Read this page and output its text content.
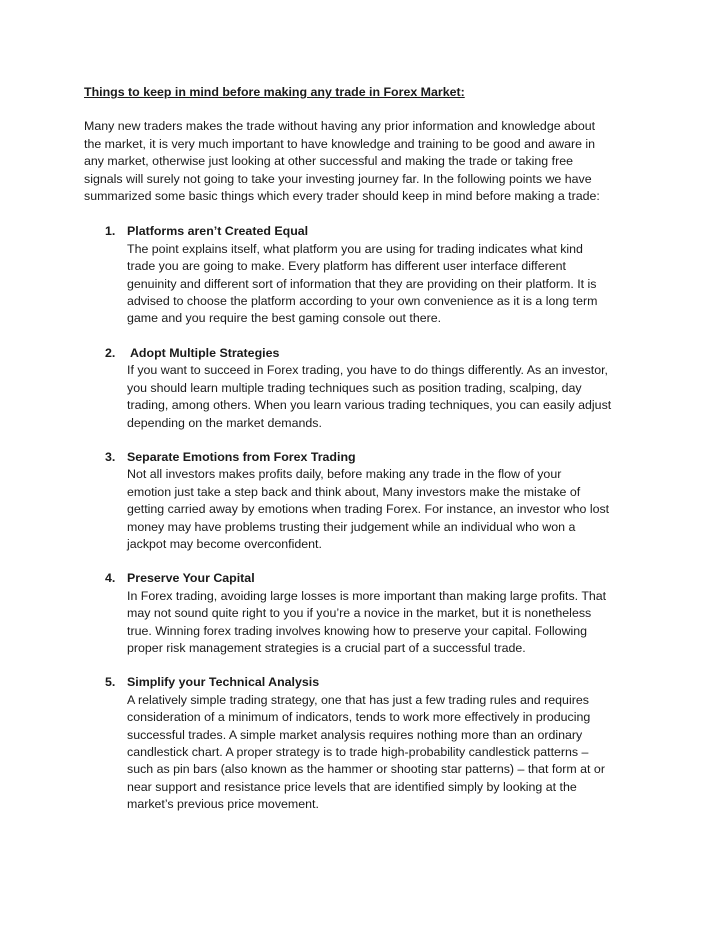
Things to keep in mind before making any trade in Forex Market:

Many new traders makes the trade without having any prior information and knowledge about
the market, it is very much important to have knowledge and training to be good and aware in
any market, otherwise just looking at other successful and making the trade or taking free
signals will surely not going to take your investing journey far. In the following points we have
summarized some basic things which every trader should keep in mind before making a trade:

1. Platforms aren’t Created Equal
The point explains itself, what platform you are using for trading indicates what kind
trade you are going to make. Every platform has different user interface different
genuinity and different sort of information that they are providing on their platform. It is
advised to choose the platform according to your own convenience as it is a long term
game and you require the best gaming console out there.
2. Adopt Multiple Strategies
If you want to succeed in Forex trading, you have to do things differently. As an investor,
you should learn multiple trading techniques such as position trading, scalping, day
trading, among others. When you learn various trading techniques, you can easily adjust
depending on the market demands.
3. Separate Emotions from Forex Trading
Not all investors makes profits daily, before making any trade in the flow of your
emotion just take a step back and think about, Many investors make the mistake of
getting carried away by emotions when trading Forex. For instance, an investor who lost
money may have problems trusting their judgement while an individual who won a
jackpot may become overconfident.
4. Preserve Your Capital
In Forex trading, avoiding large losses is more important than making large profits. That
may not sound quite right to you if you’re a novice in the market, but it is nonetheless
true. Winning forex trading involves knowing how to preserve your capital. Following
proper risk management strategies is a crucial part of a successful trade.
5. Simplify your Technical Analysis
A relatively simple trading strategy, one that has just a few trading rules and requires
consideration of a minimum of indicators, tends to work more effectively in producing
successful trades. A simple market analysis requires nothing more than an ordinary
candlestick chart. A proper strategy is to trade high-probability candlestick patterns –
such as pin bars (also known as the hammer or shooting star patterns) – that form at or
near support and resistance price levels that are identified simply by looking at the
market’s previous price movement.
